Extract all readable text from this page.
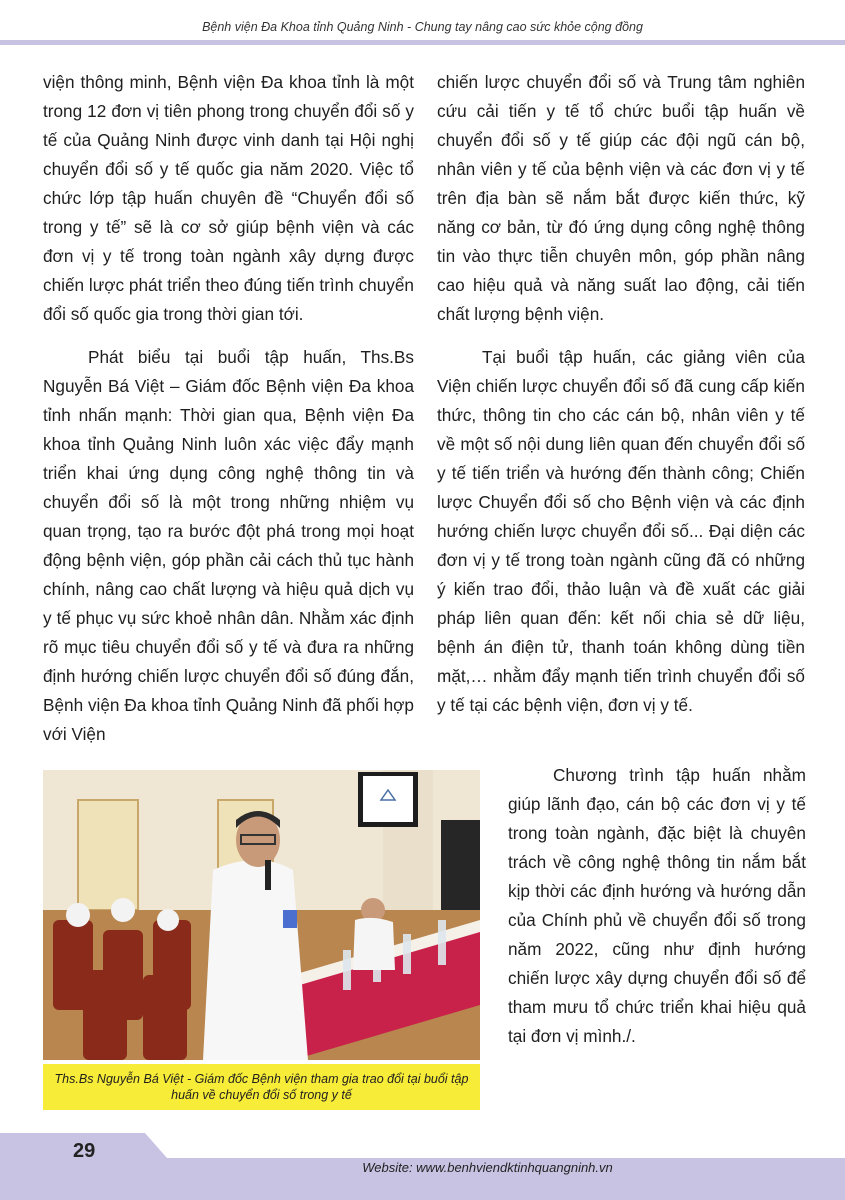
Bệnh viện Đa Khoa tỉnh Quảng Ninh - Chung tay nâng cao sức khỏe cộng đồng

viện thông minh, Bệnh viện Đa khoa tỉnh là một trong 12 đơn vị tiên phong trong chuyển đổi số y tế của Quảng Ninh được vinh danh tại Hội nghị chuyển đổi số y tế quốc gia năm 2020. Việc tổ chức lớp tập huấn chuyên đề “Chuyển đổi số trong y tế” sẽ là cơ sở giúp bệnh viện và các đơn vị y tế trong toàn ngành xây dựng được chiến lược phát triển theo đúng tiến trình chuyển đổi số quốc gia trong thời gian tới.

Phát biểu tại buổi tập huấn, Ths.Bs Nguyễn Bá Việt – Giám đốc Bệnh viện Đa khoa tỉnh nhấn mạnh: Thời gian qua, Bệnh viện Đa khoa tỉnh Quảng Ninh luôn xác việc đẩy mạnh triển khai ứng dụng công nghệ thông tin và chuyển đổi số là một trong những nhiệm vụ quan trọng, tạo ra bước đột phá trong mọi hoạt động bệnh viện, góp phần cải cách thủ tục hành chính, nâng cao chất lượng và hiệu quả dịch vụ y tế phục vụ sức khoẻ nhân dân. Nhằm xác định rõ mục tiêu chuyển đổi số y tế và đưa ra những định hướng chiến lược chuyển đổi số đúng đắn, Bệnh viện Đa khoa tỉnh Quảng Ninh đã phối hợp với Viện

chiến lược chuyển đổi số và Trung tâm nghiên cứu cải tiến y tế tổ chức buổi tập huấn về chuyển đổi số y tế giúp các đội ngũ cán bộ, nhân viên y tế của bệnh viện và các đơn vị y tế trên địa bàn sẽ nắm bắt được kiến thức, kỹ năng cơ bản, từ đó ứng dụng công nghệ thông tin vào thực tiễn chuyên môn, góp phần nâng cao hiệu quả và năng suất lao động, cải tiến chất lượng bệnh viện.

Tại buổi tập huấn, các giảng viên của Viện chiến lược chuyển đổi số đã cung cấp kiến thức, thông tin cho các cán bộ, nhân viên y tế về một số nội dung liên quan đến chuyển đổi số y tế tiến triển và hướng đến thành công; Chiến lược Chuyển đổi số cho Bệnh viện và các định hướng chiến lược chuyển đổi số... Đại diện các đơn vị y tế trong toàn ngành cũng đã có những ý kiến trao đổi, thảo luận và đề xuất các giải pháp liên quan đến: kết nối chia sẻ dữ liệu, bệnh án điện tử, thanh toán không dùng tiền mặt,… nhằm đẩy mạnh tiến trình chuyển đổi số y tế tại các bệnh viện, đơn vị y tế.

Chương trình tập huấn nhằm giúp lãnh đạo, cán bộ các đơn vị y tế trong toàn ngành, đặc biệt là chuyên trách về công nghệ thông tin nắm bắt kịp thời các định hướng và hướng dẫn của Chính phủ về chuyển đổi số trong năm 2022, cũng như định hướng chiến lược xây dựng chuyển đổi số để tham mưu tổ chức triển khai hiệu quả tại đơn vị mình./.

Ths.Bs Nguyễn Bá Việt - Giám đốc Bệnh viện tham gia trao đổi tại buổi tập huấn về chuyển đổi số trong y tế
29
Website: www.benhviendktinhquangninh.vn
